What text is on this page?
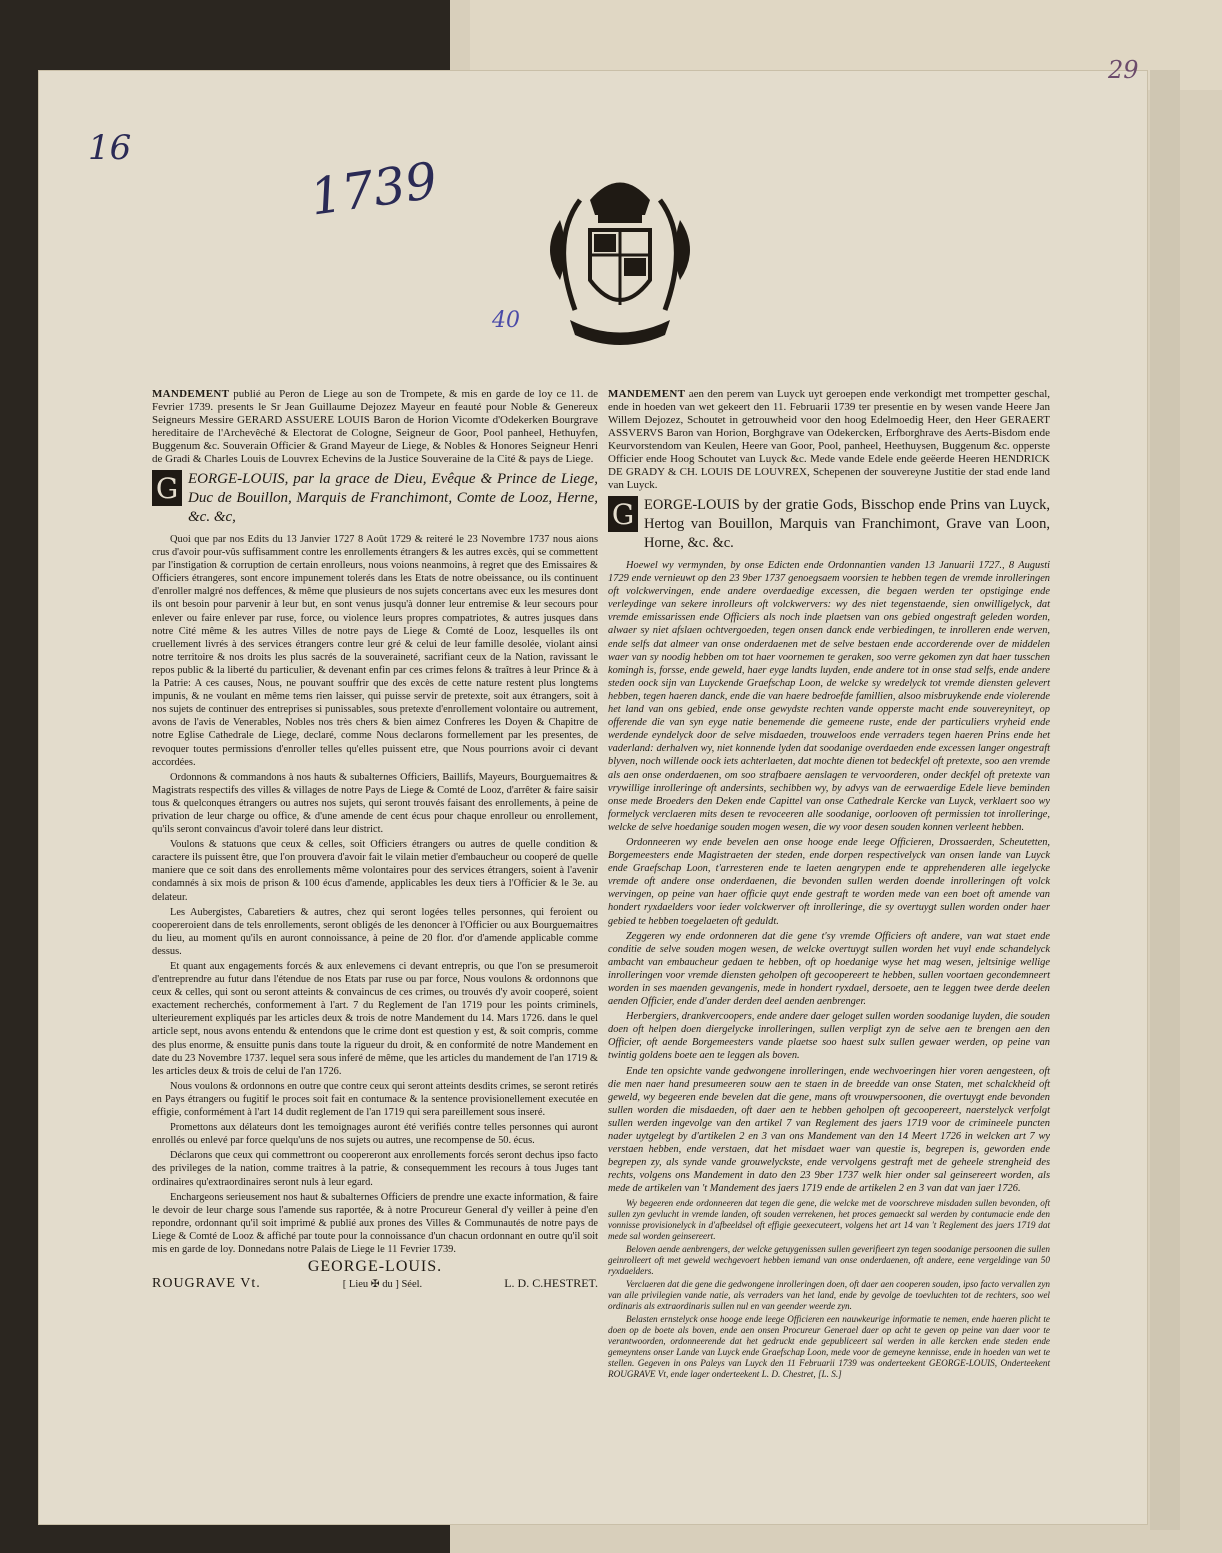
29
16
1739
40

MANDEMENT publié au Peron de Liege au son de Trompete, & mis en garde de loy ce 11. de Fevrier 1739. presents le Sr Jean Guillaume Dejozez Mayeur en feauté pour Noble & Genereux Seigneurs Messire GERARD ASSUERE LOUIS Baron de Horion Vicomte d'Odekerken Bourgrave hereditaire de l'Archevêché & Electorat de Cologne, Seigneur de Goor, Pool panheel, Hethuyfen, Buggenum &c. Souverain Officier & Grand Mayeur de Liege, & Nobles & Honores Seigneur Henri de Gradi & Charles Louis de Louvrex Echevins de la Justice Souveraine de la Cité & pays de Liege.

G EORGE-LOUIS, par la grace de Dieu, Evêque & Prince de Liege, Duc de Bouillon, Marquis de Franchimont, Comte de Looz, Herne, &c. &c,

Quoi que par nos Edits du 13 Janvier 1727 8 Août 1729 & reiteré le 23 Novembre 1737 nous aions crus d'avoir pour-vûs suffisamment contre les enrollements étrangers & les autres excès, qui se commettent par l'instigation & corruption de certain enrolleurs, nous voions neanmoins, à regret que des Emissaires & Officiers étrangeres, sont encore impunement tolerés dans les Etats de notre obeissance, ou ils continuent d'enroller malgré nos deffences, & même que plusieurs de nos sujets concertans avec eux les mesures dont ils ont besoin pour parvenir à leur but, en sont venus jusqu'à donner leur entremise & leur secours pour enlever ou faire enlever par ruse, force, ou violence leurs propres compatriotes, & autres jusques dans notre Cité même & les autres Villes de notre pays de Liege & Comté de Looz, lesquelles ils ont cruellement livrés à des services étrangers contre leur gré & celui de leur famille desolée, violant ainsi notre territoire & nos droits les plus sacrés de la souveraineté, sacrifiant ceux de la Nation, ravissant le repos public & la liberté du particulier, & devenant enfin par ces crimes felons & traîtres à leur Prince & à la Patrie: A ces causes, Nous, ne pouvant souffrir que des excès de cette nature restent plus longtems impunis, & ne voulant en même tems rien laisser, qui puisse servir de pretexte, soit aux étrangers, soit à nos sujets de continuer des entreprises si punissables, sous pretexte d'enrollement volontaire ou autrement, avons de l'avis de Venerables, Nobles nos très chers & bien aimez Confreres les Doyen & Chapitre de notre Eglise Cathedrale de Liege, declaré, comme Nous declarons formellement par les presentes, de revoquer toutes permissions d'enroller telles qu'elles puissent etre, que Nous pourrions avoir ci devant accordées.

Ordonnons & commandons à nos hauts & subalternes Officiers, Baillifs, Mayeurs, Bourguemaitres & Magistrats respectifs des villes & villages de notre Pays de Liege & Comté de Looz, d'arrêter & faire saisir tous & quelconques étrangers ou autres nos sujets, qui seront trouvés faisant des enrollements, à peine de privation de leur charge ou office, & d'une amende de cent écus pour chaque enrolleur ou enrollement, qu'ils seront convaincus d'avoir toleré dans leur district.

Voulons & statuons que ceux & celles, soit Officiers étrangers ou autres de quelle condition & caractere ils puissent être, que l'on prouvera d'avoir fait le vilain metier d'embaucheur ou cooperé de quelle maniere que ce soit dans des enrollements même volontaires pour des services étrangers, soient à l'avenir condamnés à six mois de prison & 100 écus d'amende, applicables les deux tiers à l'Officier & le 3e. au delateur.

Les Aubergistes, Cabaretiers & autres, chez qui seront logées telles personnes, qui feroient ou coopereroient dans de tels enrollements, seront obligés de les denoncer à l'Officier ou aux Bourguemaitres du lieu, au moment qu'ils en auront connoissance, à peine de 20 flor. d'or d'amende applicable comme dessus.

Et quant aux engagements forcés & aux enlevemens ci devant entrepris, ou que l'on se presumeroit d'entreprendre au futur dans l'étendue de nos Etats par ruse ou par force, Nous voulons & ordonnons que ceux & celles, qui sont ou seront atteints & convaincus de ces crimes, ou trouvés d'y avoir cooperé, soient exactement recherchés, conformement à l'art. 7 du Reglement de l'an 1719 pour les points criminels, ulterieurement expliqués par les articles deux & trois de notre Mandement du 14. Mars 1726. dans le quel article sept, nous avons entendu & entendons que le crime dont est question y est, & soit compris, comme des plus enorme, & ensuitte punis dans toute la rigueur du droit, & en conformité de notre Mandement en date du 23 Novembre 1737. lequel sera sous inferé de même, que les articles du mandement de l'an 1719 & les articles deux & trois de celui de l'an 1726.

Nous voulons & ordonnons en outre que contre ceux qui seront atteints desdits crimes, se seront retirés en Pays étrangers ou fugitif le proces soit fait en contumace & la sentence provisionellement executée en effigie, conformément à l'art 14 dudit reglement de l'an 1719 qui sera pareillement sous inseré.

Promettons aux délateurs dont les temoignages auront été verifiés contre telles personnes qui auront enrollés ou enlevé par force quelqu'uns de nos sujets ou autres, une recompense de 50. écus.

Déclarons que ceux qui commettront ou coopereront aux enrollements forcés seront dechus ipso facto des privileges de la nation, comme traitres à la patrie, & consequemment les recours à tous Juges tant ordinaires qu'extraordinaires seront nuls à leur egard.

Enchargeons serieusement nos haut & subalternes Officiers de prendre une exacte information, & faire le devoir de leur charge sous l'amende sus raportée, & à notre Procureur General d'y veiller à peine d'en repondre, ordonnant qu'il soit imprimé & publié aux prones des Villes & Communautés de notre pays de Liege & Comté de Looz & affiché par toute pour la connoissance d'un chacun ordonnant en outre qu'il soit mis en garde de loy. Donnedans notre Palais de Liege le 11 Fevrier 1739.

GEORGE-LOUIS.
ROUGRAVE Vt.	[ Lieu ✠ du ] Séel.	L. D. C.HESTRET.

MANDEMENT aen den perem van Luyck uyt geroepen ende verkondigt met trompetter geschal, ende in hoeden van wet gekeert den 11. Februarii 1739 ter presentie en by wesen vande Heere Jan Willem Dejozez, Schoutet in getrouwheid voor den hoog Edelmoedig Heer, den Heer GERAERT ASSVERVS Baron van Horion, Borghgrave van Odekercken, Erfborghrave des Aerts-Bisdom ende Keurvorstendom van Keulen, Heere van Goor, Pool, panheel, Heethuysen, Buggenum &c. opperste Officier ende Hoog Schoutet van Luyck &c. Mede vande Edele ende geëerde Heeren HENDRICK DE GRADY & CH. LOUIS DE LOUVREX, Schepenen der souvereyne Justitie der stad ende land van Luyck.

G EORGE-LOUIS by der gratie Gods, Bisschop ende Prins van Luyck, Hertog van Bouillon, Marquis van Franchimont, Grave van Loon, Horne, &c. &c.

Hoewel wy vermynden, by onse Edicten ende Ordonnantien vanden 13 Januarii 1727., 8 Augusti 1729 ende vernieuwt op den 23 9ber 1737 genoegsaem voorsien te hebben tegen de vremde inrolleringen oft volckwervingen, ende andere overdaedige excessen, die begaen werden ter opstiginge ende verleydinge van sekere inrolleurs oft volckwervers: wy des niet tegenstaende, sien onwilligelyck, dat vremde emissarissen ende Officiers als noch inde plaetsen van ons gebied ongestraft geleden worden, alwaer sy niet afslaen ochtvergoeden, tegen onsen danck ende verbiedingen, te inrolleren ende werven, ende selfs dat almeer van onse onderdaenen met de selve bestaen ende accorderende over de middelen waer van sy noodig hebben om tot haer voornemen te geraken, soo verre gekomen zyn dat haer tusschen komingh is, forsse, ende geweld, haer eyge landts luyden, ende andere tot in onse stad selfs, ende andere steden oock sijn van Luyckende Graefschap Loon, de welcke sy wredelyck tot vremde diensten gelevert hebben, tegen haeren danck, ende die van haere bedroefde famillien, alsoo misbruykende ende violerende het land van ons gebied, ende onse gewydste rechten vande opperste macht ende souvereyniteyt, op offerende die van syn eyge natie benemende die gemeene ruste, ende der particuliers vryheid ende werdende eyndelyck door de selve misdaeden, trouweloos ende verraders tegen haeren Prins ende het vaderland: derhalven wy, niet konnende lyden dat soodanige overdaeden ende excessen langer ongestraft blyven, noch willende oock iets achterlaeten, dat mochte dienen tot bedeckfel oft pretexte, soo aen vremde als aen onse onderdaenen, om soo strafbaere aenslagen te vervoorderen, onder deckfel oft pretexte van vrywillige inrolleringe oft andersints, sechibben wy, by advys van de eerwaerdige Edele lieve beminden onse mede Broeders den Deken ende Capittel van onse Cathedrale Kercke van Luyck, verklaert soo wy formelyck verclaeren mits desen te revoceeren alle soodanige, oorlooven oft permissien tot inrolleringe, welcke de selve hoedanige souden mogen wesen, die wy voor desen souden konnen verleent hebben.

Ordonneeren wy ende bevelen aen onse hooge ende leege Officieren, Drossaerden, Scheutetten, Borgemeesters ende Magistraeten der steden, ende dorpen respectivelyck van onsen lande van Luyck ende Graefschap Loon, t'arresteren ende te laeten aengrypen ende te apprehenderen alle iegelycke vremde oft andere onse onderdaenen, die bevonden sullen werden doende inrolleringen oft volck wervingen, op peine van haer officie quyt ende gestraft te worden mede van een boet oft amende van hondert ryxdaelders voor ieder volckwerver oft inrolleringe, die sy overtuygt sullen worden onder haer gebied te hebben toegelaeten oft geduldt.

Zeggeren wy ende ordonneren dat die gene t'sy vremde Officiers oft andere, van wat staet ende conditie de selve souden mogen wesen, de welcke overtuygt sullen worden het vuyl ende schandelyck ambacht van embaucheur gedaen te hebben, oft op hoedanige wyse het mag wesen, jeltsinige wellige inrolleringen voor vremde diensten geholpen oft gecoopereert te hebben, sullen voortaen gecondemneert worden in ses maenden gevangenis, mede in hondert ryxdael, dersoete, aen te leggen twee derde deelen aenden Officier, ende d'ander derden deel aenden aenbrenger.

Herbergiers, drankvercoopers, ende andere daer geloget sullen worden soodanige luyden, die souden doen oft helpen doen diergelycke inrolleringen, sullen verpligt zyn de selve aen te brengen aen den Officier, oft aende Borgemeesters vande plaetse soo haest sulx sullen gewaer werden, op peine van twintig goldens boete aen te leggen als boven.

Ende ten opsichte vande gedwongene inrolleringen, ende wechvoeringen hier voren aengesteen, oft die men naer hand presumeeren souw aen te staen in de breedde van onse Staten, met schalckheid oft geweld, wy begeeren ende bevelen dat die gene, mans oft vrouwpersoonen, die overtuygt ende bevonden sullen worden die misdaeden, oft daer aen te hebben geholpen oft gecoopereert, naerstelyck verfolgt sullen werden ingevolge van den artikel 7 van Reglement des jaers 1719 voor de crimineele puncten nader uytgelegt by d'artikelen 2 en 3 van ons Mandement van den 14 Meert 1726 in welcken art 7 wy verstaen hebben, ende verstaen, dat het misdaet waer van questie is, begrepen is, geworden ende begrepen zy, als synde vande grouwelyckste, ende vervolgens gestraft met de geheele strengheid des rechts, volgens ons Mandement in dato den 23 9ber 1737 welk hier onder sal geinsereert worden, als mede de artikelen van 't Mandement des jaers 1719 ende de artikelen 2 en 3 van dat van jaer 1726.

Wy begeeren ende ordonneeren dat tegen die gene, die welcke met de voorschreve misdaden sullen bevonden, oft sullen zyn gevlucht in vremde landen, oft souden verrekenen, het proces gemaeckt sal werden by contumacie ende den vonnisse provisionelyck in d'afbeeldsel oft effigie geexecuteert, volgens het art 14 van 't Reglement des jaers 1719 dat mede sal worden geinsereert.

Beloven aende aenbrengers, der welcke getuygenissen sullen geverifieert zyn tegen soodanige persoonen die sullen geinrolleert oft met geweld wechgevoert hebben iemand van onse onderdaenen, oft andere, eene vergeldinge van 50 ryxdaelders.

Verclaeren dat die gene die gedwongene inrolleringen doen, oft daer aen cooperen souden, ipso facto vervallen zyn van alle privilegien vande natie, als verraders van het land, ende by gevolge de toevluchten tot de rechters, soo wel ordinaris als extraordinaris sullen nul en van geender weerde zyn.

Belasten ernstelyck onse hooge ende leege Officieren een nauwkeurige informatie te nemen, ende haeren plicht te doen op de boete als boven, ende aen onsen Procureur Generael daer op acht te geven op peine van daer voor te verantwoorden, ordonneerende dat het gedruckt ende gepubliceert sal werden in alle kercken ende steden ende gemeyntens onser Lande van Luyck ende Graefschap Loon, mede voor de gemeyne kennisse, ende in hoeden van wet te stellen. Gegeven in ons Paleys van Luyck den 11 Februarii 1739 was onderteekent GEORGE-LOUIS, Onderteekent ROUGRAVE Vt, ende lager onderteekent L. D. Chestret, [L. S.]
